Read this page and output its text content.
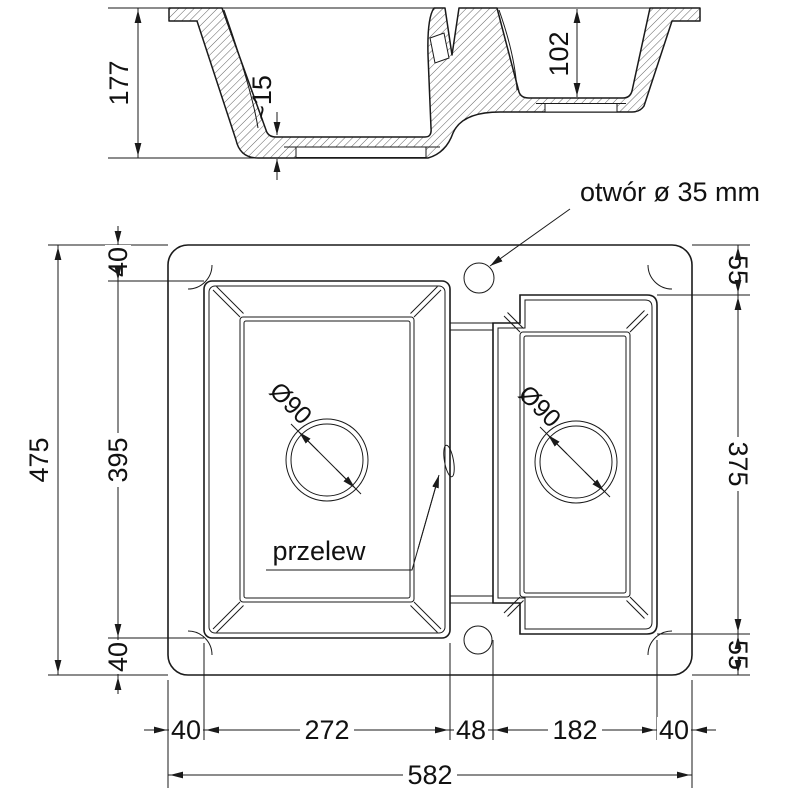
177	~15
102
Ø90	Ø90
otwór ø 35 mm
przelew
475
40
395
40
55
375
55
40	272	48 182 40
582
